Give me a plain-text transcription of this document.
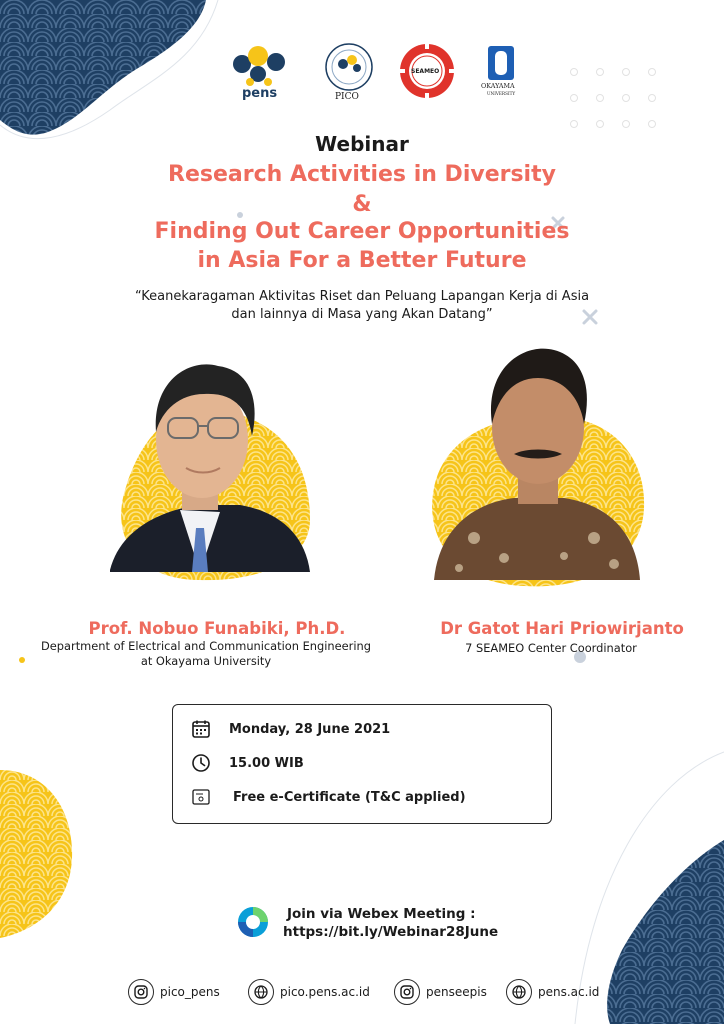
pens	PICO
SEAMEO
OKAYAMA
UNIVERSITY
Webinar
Research Activities in Diversity
&
Finding Out Career Opportunities
in Asia For a Better Future
“Keanekaragaman Aktivitas Riset dan Peluang Lapangan Kerja di Asia
dan lainnya di Masa yang Akan Datang”
Prof. Nobuo Funabiki, Ph.D.
Department of Electrical and Communication Engineering
at Okayama University
Dr Gatot Hari Priowirjanto
7 SEAMEO Center Coordinator
Monday, 28 June 2021
15.00 WIB
Free e-Certificate (T&C applied)
Join via Webex Meeting :
https://bit.ly/Webinar28June
pico_pens	pico.pens.ac.id	penseepis	pens.ac.id
